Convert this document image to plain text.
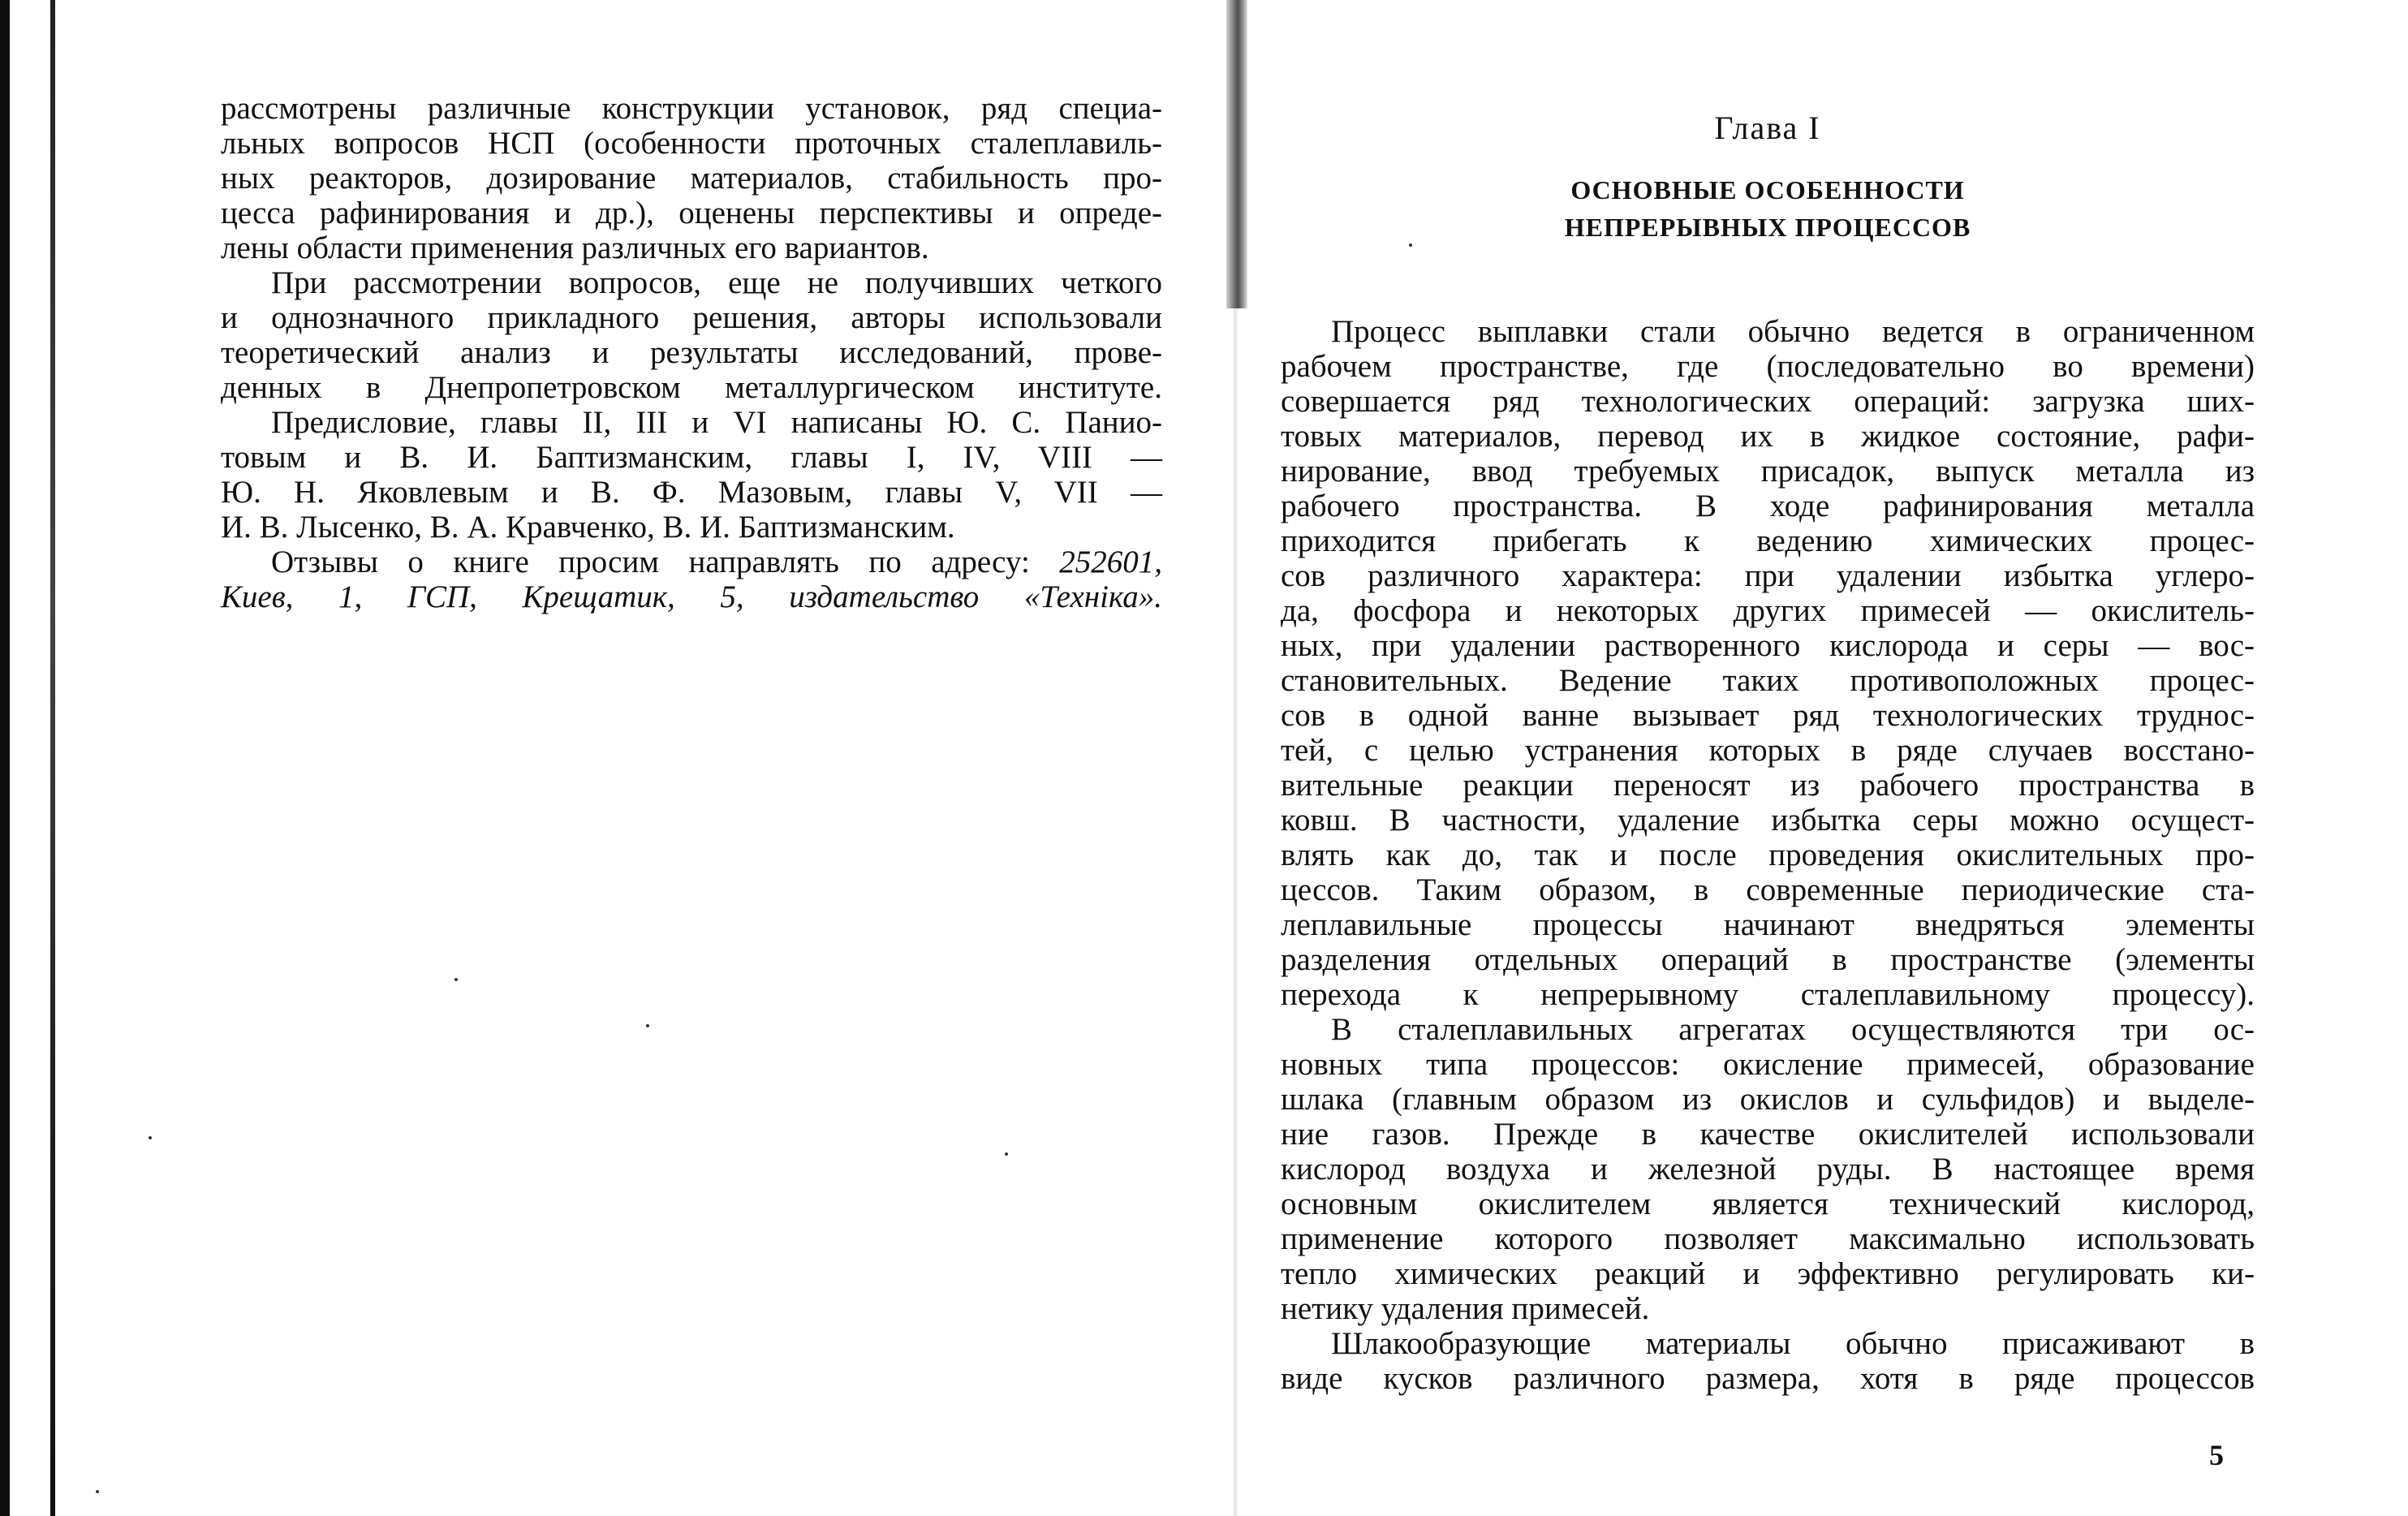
рассмотрены различные конструкции установок, ряд специа-
льных вопросов НСП (особенности проточных сталеплавиль-
ных реакторов, дозирование материалов, стабильность про-
цесса рафинирования и др.), оценены перспективы и опреде-
лены области применения различных его вариантов.
При рассмотрении вопросов, еще не получивших четкого
и однозначного прикладного решения, авторы использовали
теоретический анализ и результаты исследований, прове-
денных в Днепропетровском металлургическом институте.
Предисловие, главы II, III и VI написаны Ю. С. Панио-
товым и В. И. Баптизманским, главы I, IV, VIII —
Ю. Н. Яковлевым и В. Ф. Мазовым, главы V, VII —
И. В. Лысенко, В. А. Кравченко, В. И. Баптизманским.
Отзывы о книге просим направлять по адресу: 252601,
Киев, 1, ГСП, Крещатик, 5, издательство «Техніка».
Глава I
ОСНОВНЫЕ ОСОБЕННОСТИ
НЕПРЕРЫВНЫХ ПРОЦЕССОВ
Процесс выплавки стали обычно ведется в ограниченном
рабочем пространстве, где (последовательно во времени)
совершается ряд технологических операций: загрузка ших-
товых материалов, перевод их в жидкое состояние, рафи-
нирование, ввод требуемых присадок, выпуск металла из
рабочего пространства. В ходе рафинирования металла
приходится прибегать к ведению химических процес-
сов различного характера: при удалении избытка углеро-
да, фосфора и некоторых других примесей — окислитель-
ных, при удалении растворенного кислорода и серы — вос-
становительных. Ведение таких противоположных процес-
сов в одной ванне вызывает ряд технологических труднос-
тей, с целью устранения которых в ряде случаев восстано-
вительные реакции переносят из рабочего пространства в
ковш. В частности, удаление избытка серы можно осущест-
влять как до, так и после проведения окислительных про-
цессов. Таким образом, в современные периодические ста-
леплавильные процессы начинают внедряться элементы
разделения отдельных операций в пространстве (элементы
перехода к непрерывному сталеплавильному процессу).
В сталеплавильных агрегатах осуществляются три ос-
новных типа процессов: окисление примесей, образование
шлака (главным образом из окислов и сульфидов) и выделе-
ние газов. Прежде в качестве окислителей использовали
кислород воздуха и железной руды. В настоящее время
основным окислителем является технический кислород,
применение которого позволяет максимально использовать
тепло химических реакций и эффективно регулировать ки-
нетику удаления примесей.
Шлакообразующие материалы обычно присаживают в
виде кусков различного размера, хотя в ряде процессов
5
